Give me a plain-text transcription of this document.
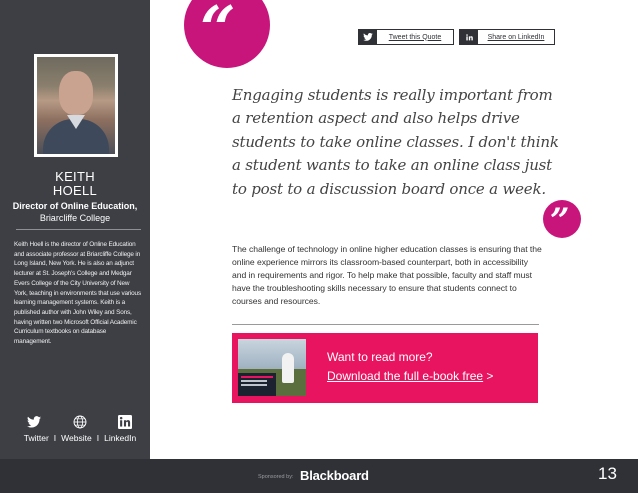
KEITH
HOELL
Director of Online Education,
Briarcliffe College
Keith Hoell is the director of Online Education and associate professor at Briarcliffe College in Long Island, New York. He is also an adjunct lecturer at St. Joseph's College and Medgar Evers College of the City University of New York, teaching in environments that use various learning management systems. Keith is a published author with John Wiley and Sons, having written two Microsoft Official Academic Curriculum textbooks on database management.
Twitter I Website I LinkedIn
“	Tweet this Quote	Share on LinkedIn
Engaging students is really important from a retention aspect and also helps drive students to take online classes. I don't think a student wants to take an online class just to post to a discussion board once a week.
”
The challenge of technology in online higher education classes is ensuring that the online experience mirrors its classroom-based counterpart, both in accessibility and in requirements and rigor. To help make that possible, faculty and staff must have the troubleshooting skills necessary to ensure that students connect to courses and resources.
Want to read more?
Download the full e-book free >
Sponsored by: Blackboard	13
